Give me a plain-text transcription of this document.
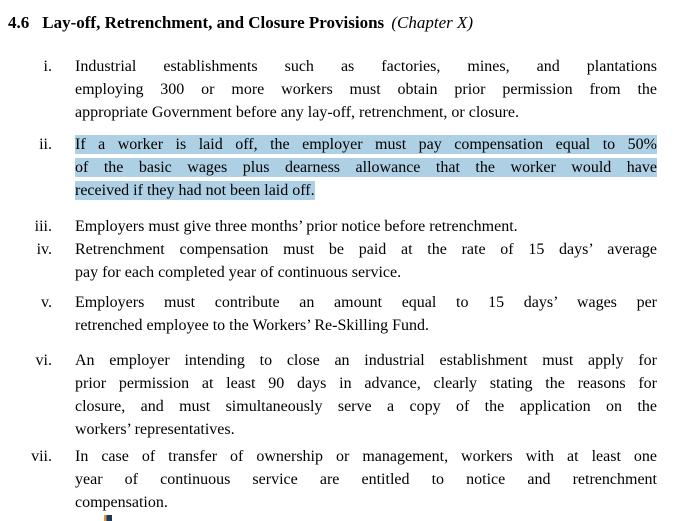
4.6 Lay-off, Retrenchment, and Closure Provisions (Chapter X)
i. Industrial establishments such as factories, mines, and plantations
employing 300 or more workers must obtain prior permission from the
appropriate Government before any lay-off, retrenchment, or closure.
ii. If a worker is laid off, the employer must pay compensation equal to 50%
of the basic wages plus dearness allowance that the worker would have
received if they had not been laid off.
iii. Employers must give three months’ prior notice before retrenchment.
iv. Retrenchment compensation must be paid at the rate of 15 days’ average
pay for each completed year of continuous service.
v. Employers must contribute an amount equal to 15 days’ wages per
retrenched employee to the Workers’ Re-Skilling Fund.
vi. An employer intending to close an industrial establishment must apply for
prior permission at least 90 days in advance, clearly stating the reasons for
closure, and must simultaneously serve a copy of the application on the
workers’ representatives.
vii. In case of transfer of ownership or management, workers with at least one
year of continuous service are entitled to notice and retrenchment
compensation.
